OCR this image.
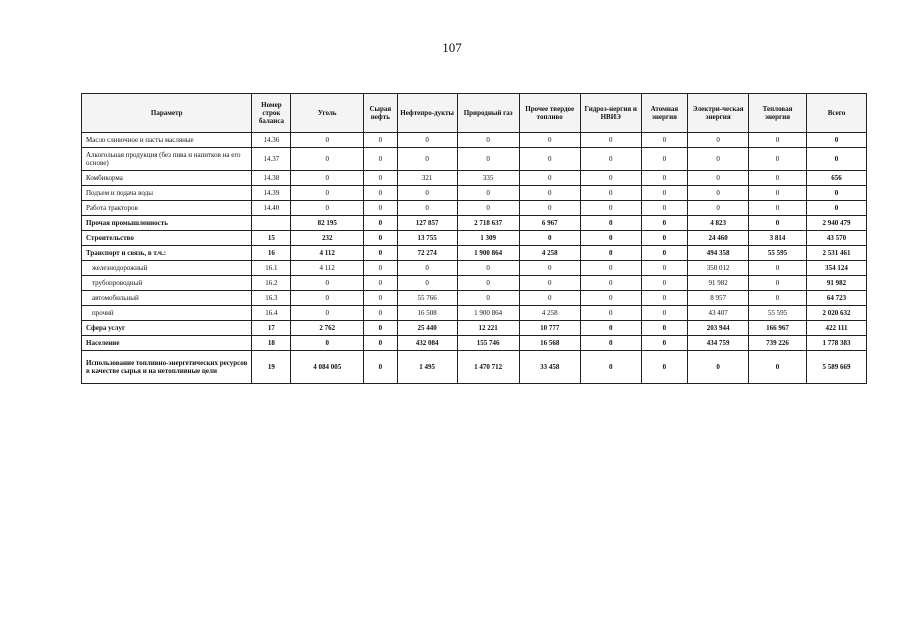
107
Параметр	Номер строк баланса	Уголь	Сырая нефть	Нефтепро-дукты	Природный газ	Прочее твердое топливо	Гидроэ-нергия и НВИЭ	Атомная энергия	Электри-ческая энергия	Тепловая энергия	Всего
Масло сливочное и пасты масляные	14.36	0	0	0	0	0	0	0	0	0	0
Алкогольная продукция (без пива и напитков на его основе)	14.37	0	0	0	0	0	0	0	0	0	0
Комбикорма	14.38	0	0	321	335	0	0	0	0	0	656
Подъем и подача воды	14.39	0	0	0	0	0	0	0	0	0	0
Работа тракторов	14.40	0	0	0	0	0	0	0	0	0	0
Прочая промышленность		82 195	0	127 857	2 718 637	6 967	0	0	4 823	0	2 940 479
Строительство	15	232	0	13 755	1 309	0	0	0	24 460	3 814	43 570
Транспорт и связь, в т.ч.:	16	4 112	0	72 274	1 900 864	4 258	0	0	494 358	55 595	2 531 461
железнодорожный	16.1	4 112	0	0	0	0	0	0	350 012	0	354 124
трубопроводный	16.2	0	0	0	0	0	0	0	91 982	0	91 982
автомобильный	16.3	0	0	55 766	0	0	0	0	8 957	0	64 723
прочий	16.4	0	0	16 508	1 900 864	4 258	0	0	43 407	55 595	2 020 632
Сфера услуг	17	2 762	0	25 440	12 221	10 777	0	0	203 944	166 967	422 111
Население	18	0	0	432 084	155 746	16 568	0	0	434 759	739 226	1 778 383
Использование топливно-энергетических ресурсов в качестве сырья и на нетопливные цели	19	4 084 005	0	1 495	1 470 712	33 458	0	0	0	0	5 589 669
